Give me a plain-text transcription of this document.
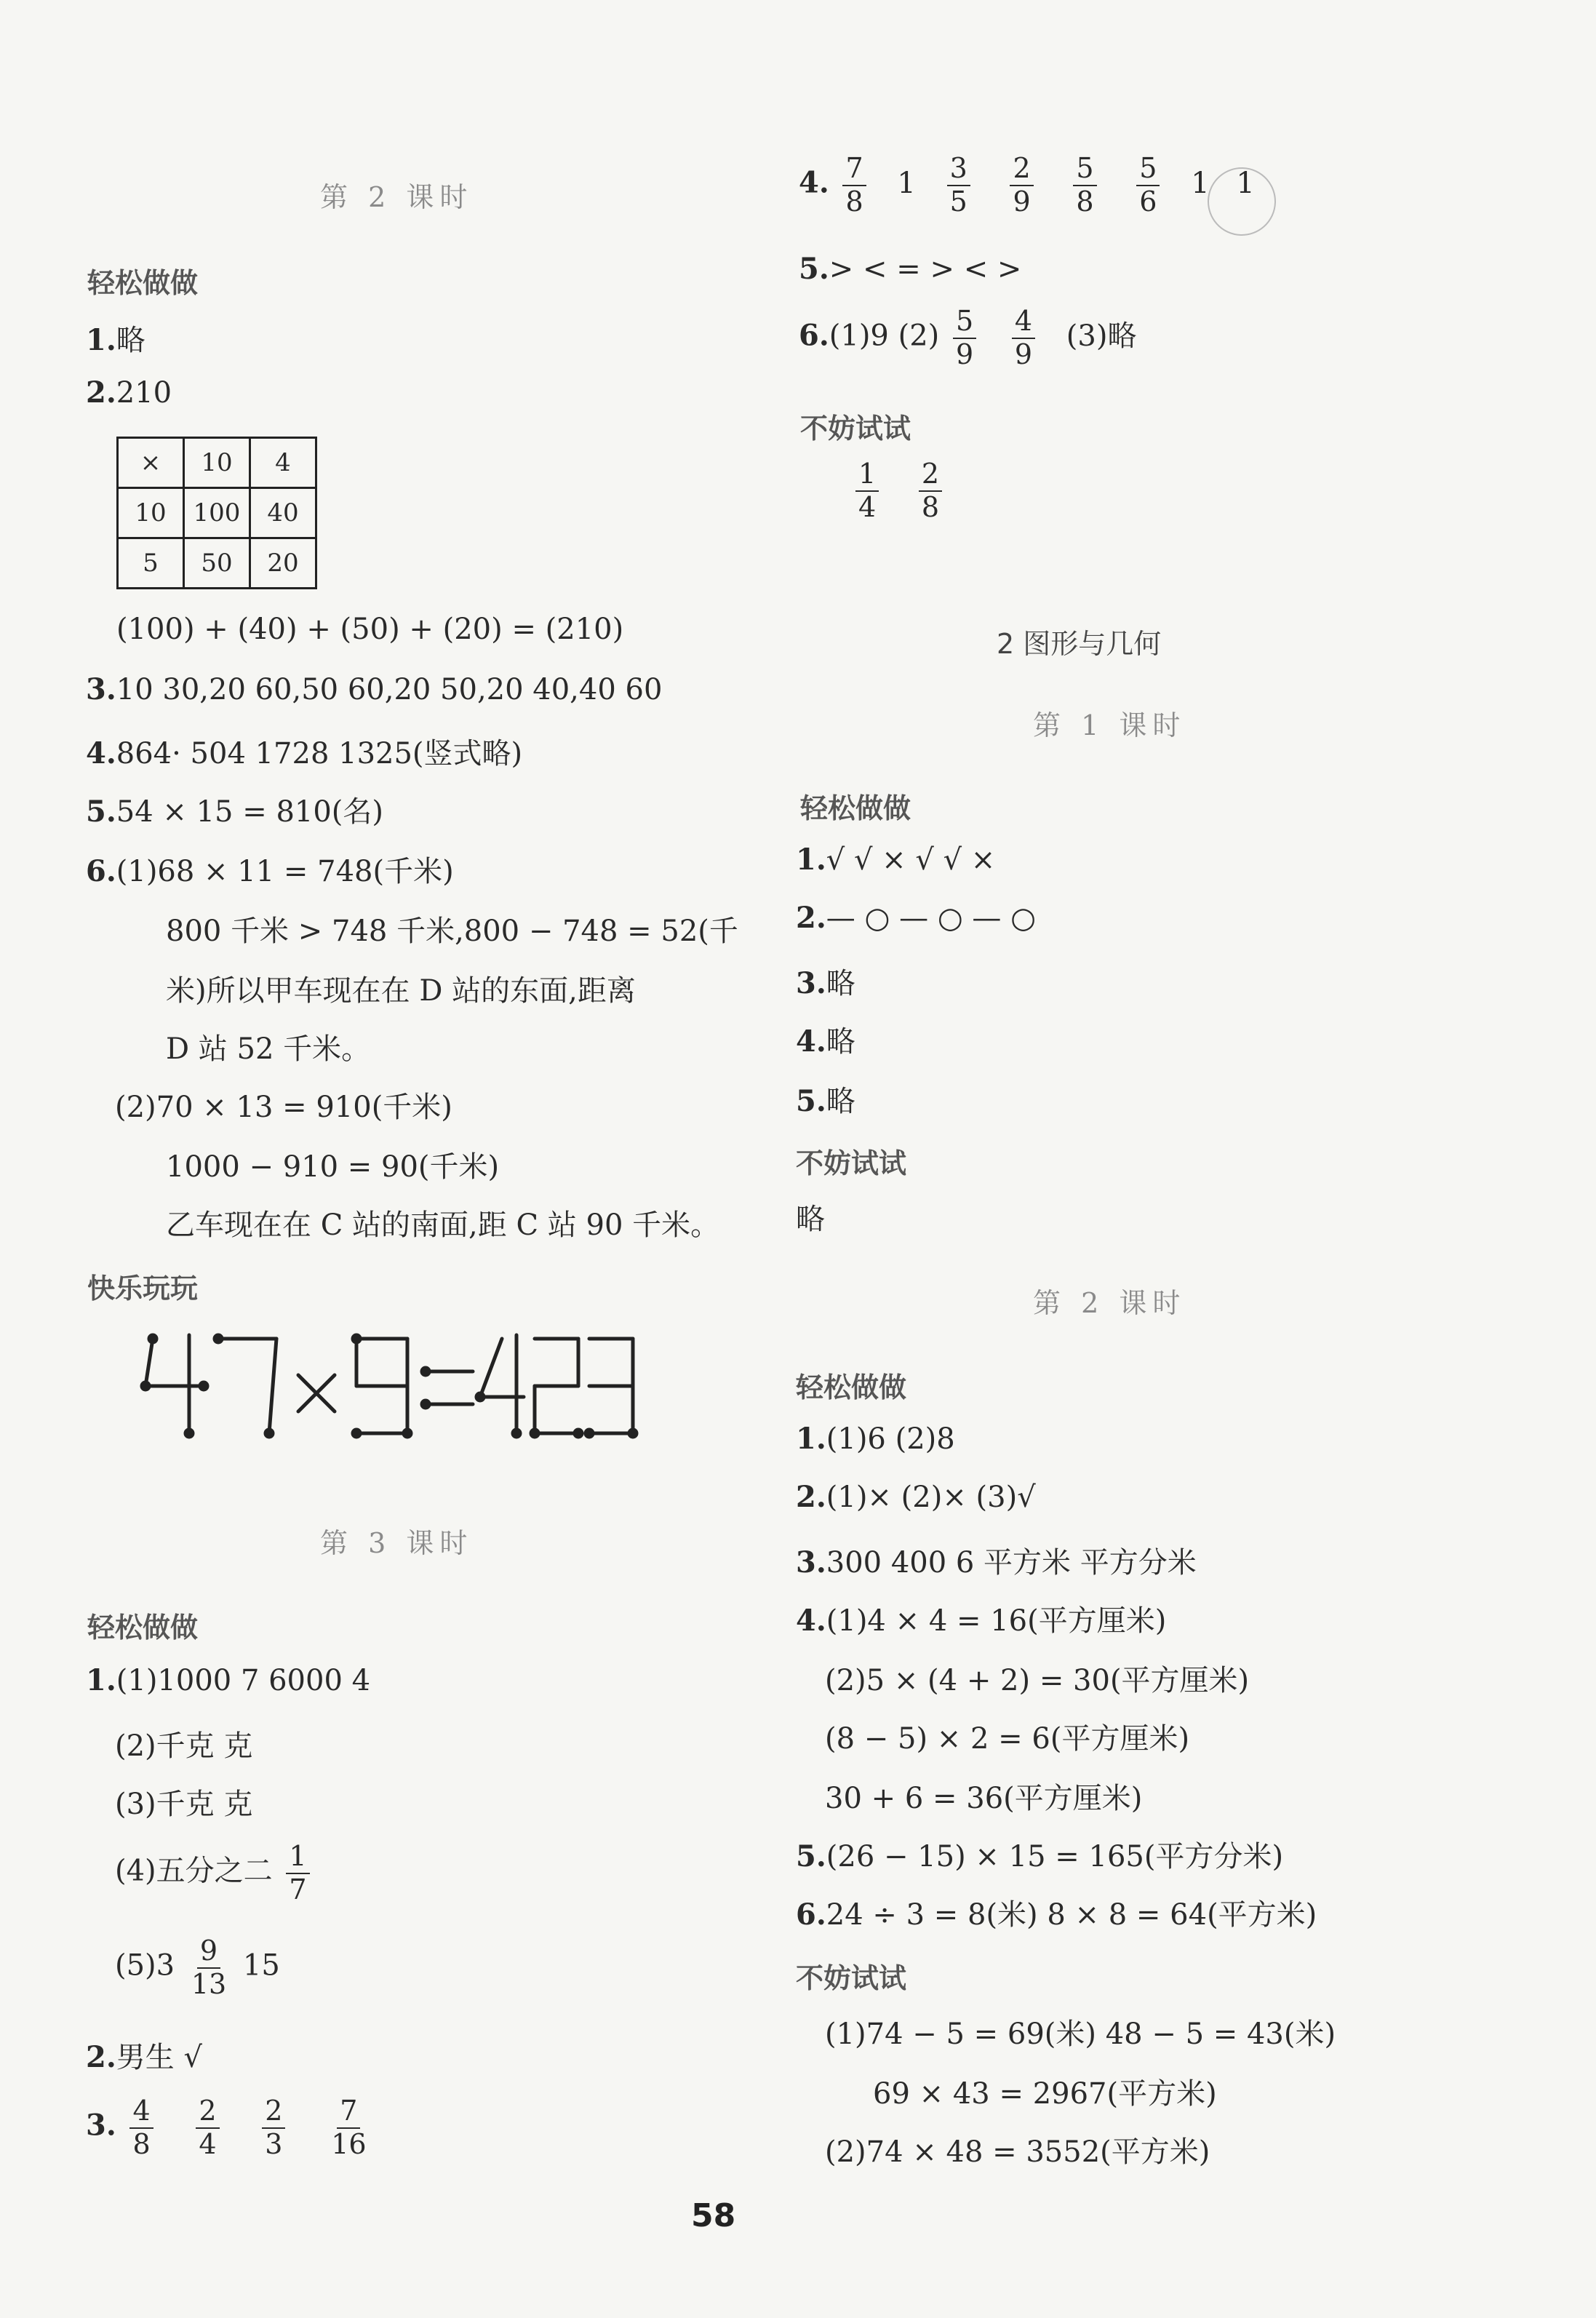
第 2 课时
轻松做做
1.略
2.210
×	10	4
10	100	40
5	50	20
(100) + (40) + (50) + (20) = (210)
3.10 30,20 60,50 60,20 50,20 40,40 60
4.864· 504 1728 1325(竖式略)
5.54 × 15 = 810(名)
6.(1)68 × 11 = 748(千米)
800 千米 > 748 千米,800 − 748 = 52(千
米)所以甲车现在在 D 站的东面,距离
D 站 52 千米。
(2)70 × 13 = 910(千米)
1000 − 910 = 90(千米)
乙车现在在 C 站的南面,距 C 站 90 千米。
快乐玩玩
第 3 课时
轻松做做
1.(1)1000 7 6000 4
(2)千克 克
(3)千克 克
(4)五分之二 $\frac{1}{7}$
$(5)3 \frac{9}{13} 15$
2.男生 √
3. $\frac{4}{8}$
$\frac{2}{4}$
$\frac{2}{3}$
$\frac{7}{16}$
4. $\frac{7}{8} 1 \frac{3}{5}$
$\frac{2}{9}$
$\frac{5}{8}$
$\frac{5}{6} 1$ 1
5.> < = > < >
6.(1)9 $(2) \frac{5}{9}$
$\frac{4}{9} (3)$略
不妨试试
$\frac{1}{4}$
$\frac{2}{8}$
2 图形与几何
第 1 课时
轻松做做
1.√ √ × √ √ ×
2.— ○ — ○ — ○
3.略
4.略
5.略
不妨试试
略
第 2 课时
轻松做做
1.(1)6 (2)8
2.(1)× (2)× (3)√
3.300 400 6 平方米 平方分米
4.(1)4 × 4 = 16(平方厘米)
(2)5 × (4 + 2) = 30(平方厘米)
(8 − 5) × 2 = 6(平方厘米)
30 + 6 = 36(平方厘米)
5.(26 − 15) × 15 = 165(平方分米)
6.24 ÷ 3 = 8(米) 8 × 8 = 64(平方米)
不妨试试
(1)74 − 5 = 69(米) 48 − 5 = 43(米)
69 × 43 = 2967(平方米)
(2)74 × 48 = 3552(平方米)
58
